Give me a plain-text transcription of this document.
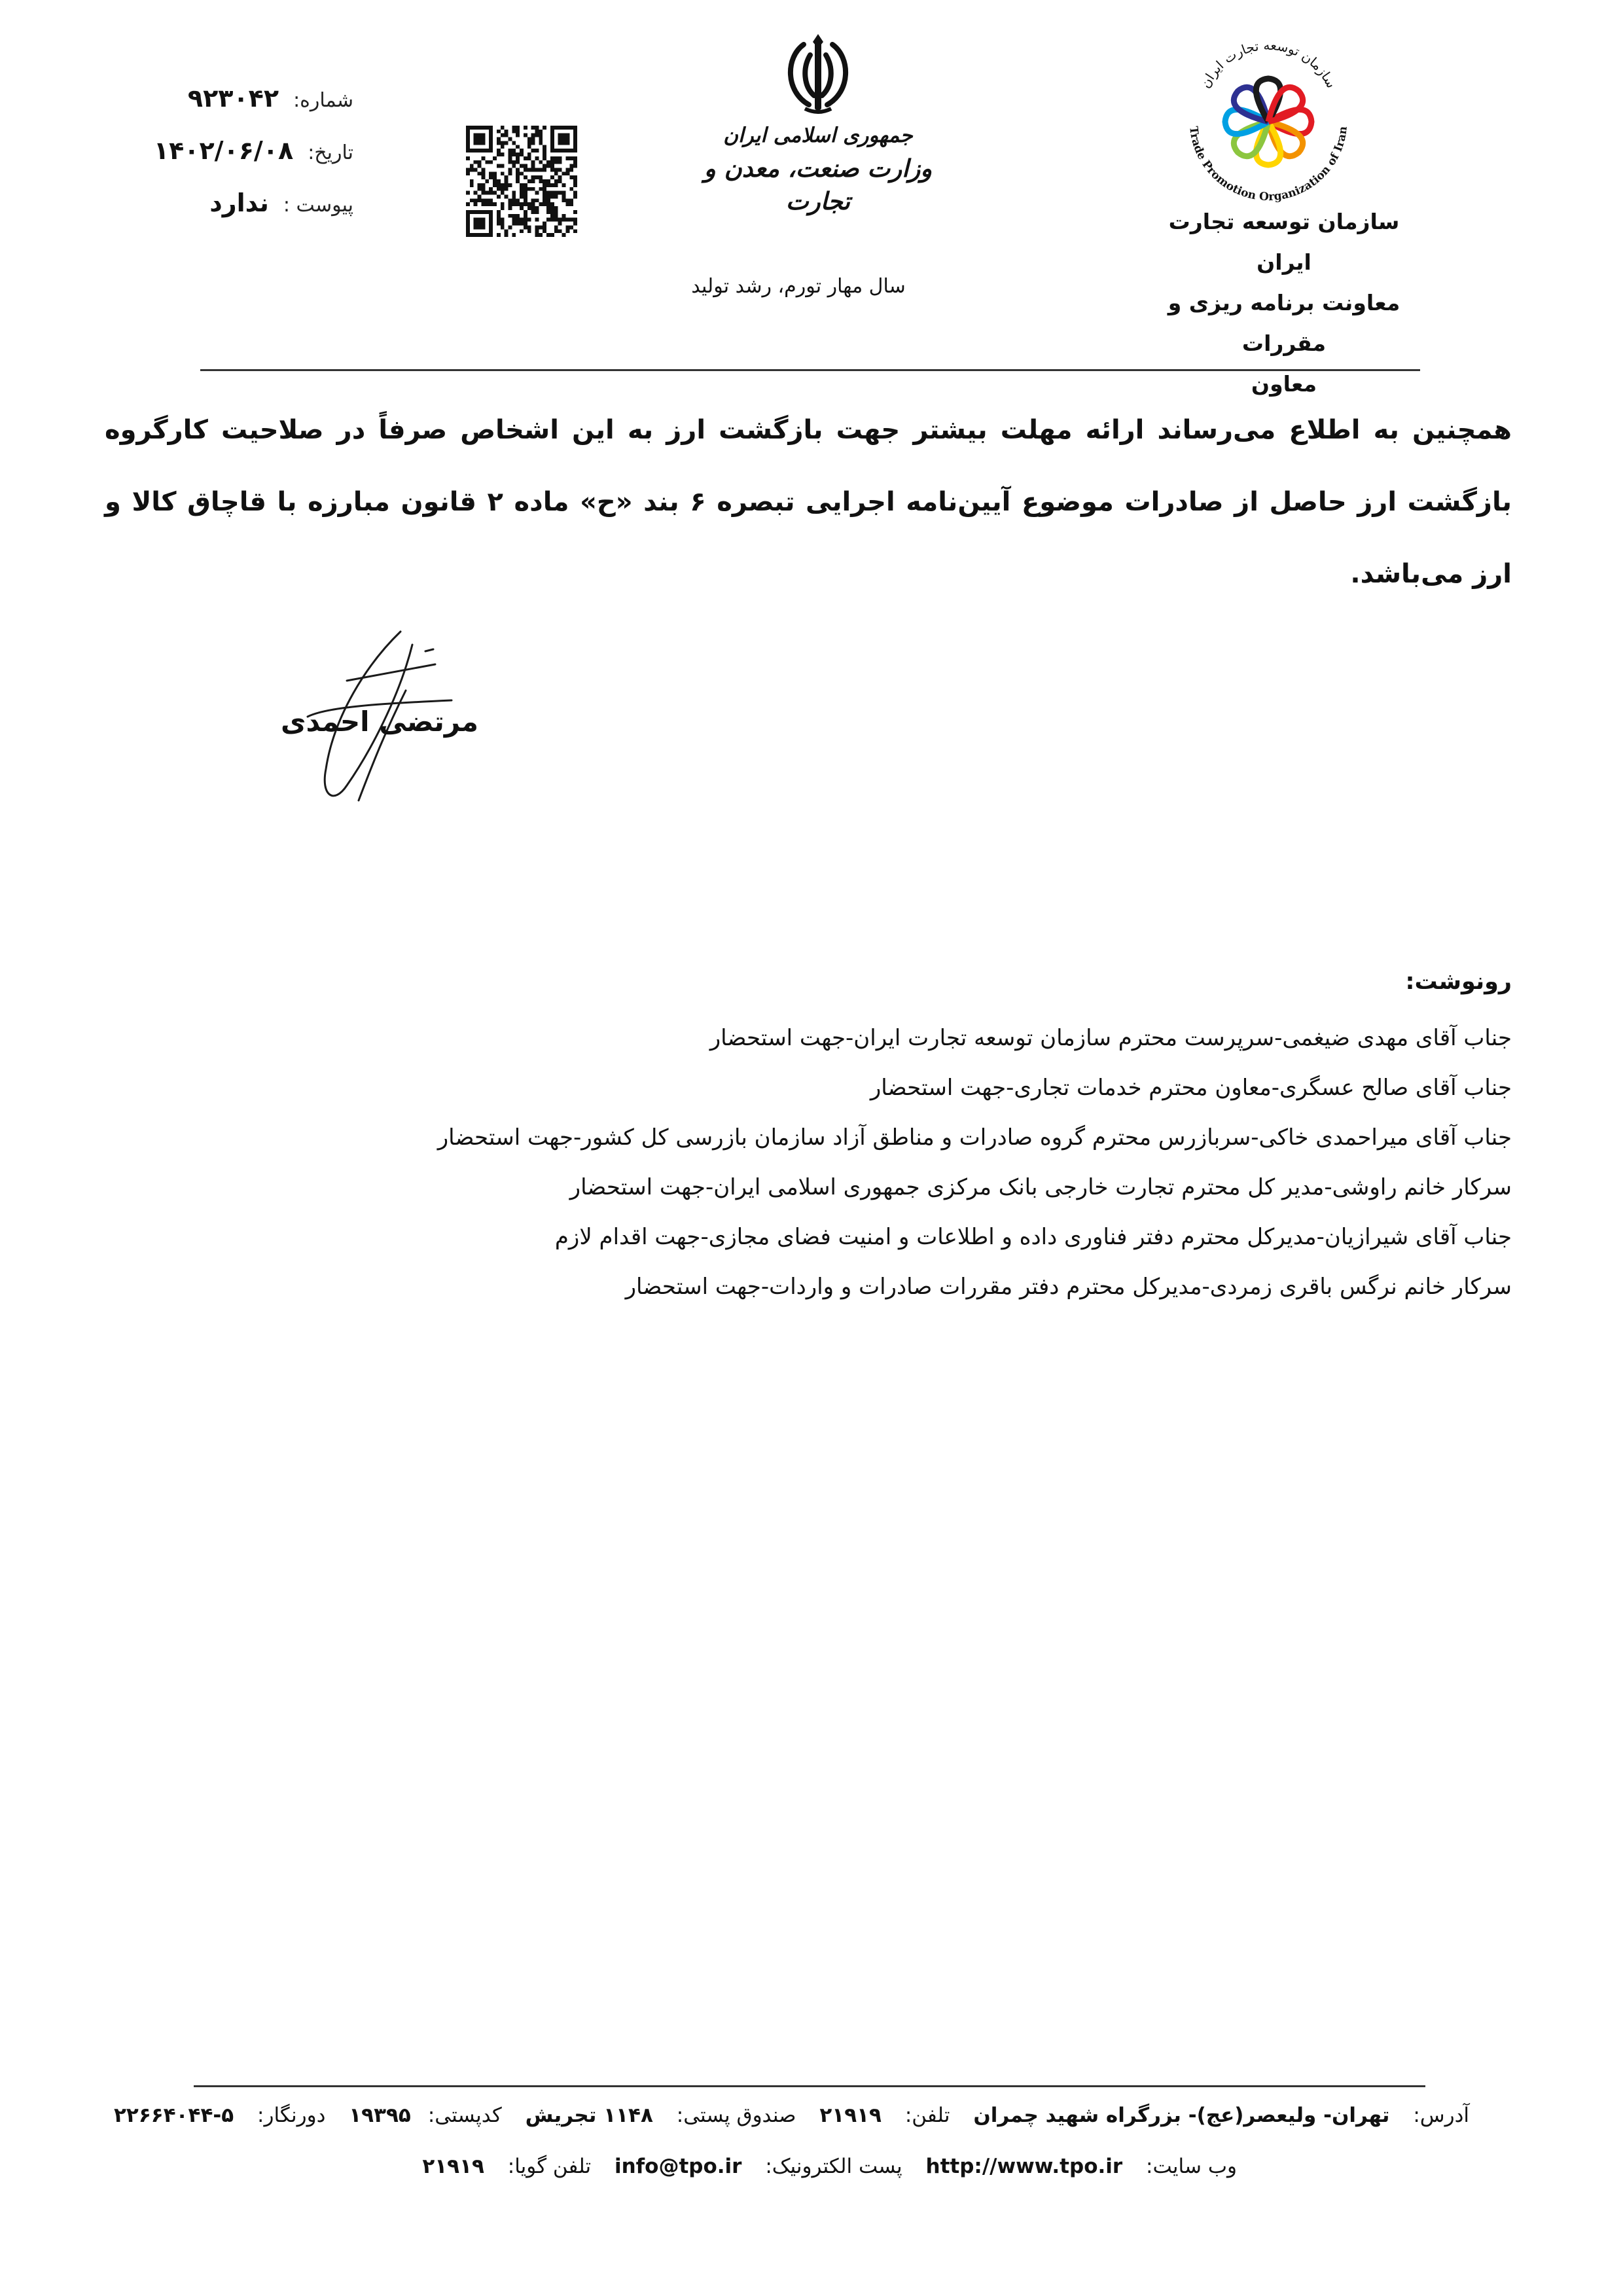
سازمان توسعه تجارت ایران
Trade Promotion Organization of Iran
سازمان توسعه تجارت ایران
معاونت برنامه ریزی و مقررات
معاون
جمهوری اسلامی ایران
وزارت صنعت، معدن و تجارت
سال مهار تورم، رشد تولید
شماره:
۹۲۳۰۴۲
تاریخ:
۱۴۰۲/۰۶/۰۸
پیوست :
ندارد
همچنین به اطلاع می‌رساند ارائه مهلت بیشتر جهت بازگشت ارز به این اشخاص صرفاً در صلاحیت کارگروه بازگشت ارز حاصل از صادرات موضوع آیین‌نامه اجرایی تبصره ۶ بند «ح» ماده ۲ قانون مبارزه با قاچاق کالا و ارز می‌باشد.
مرتضی احمدی
رونوشت:
جناب آقای مهدی ضیغمی-سرپرست محترم سازمان توسعه تجارت ایران-جهت استحضار
جناب آقای صالح عسگری-معاون محترم خدمات تجاری-جهت استحضار
جناب آقای میراحمدی خاکی-سربازرس محترم گروه صادرات و مناطق آزاد سازمان بازرسی کل کشور-جهت استحضار
سرکار خانم راوشی-مدیر کل محترم تجارت خارجی بانک مرکزی جمهوری اسلامی ایران-جهت استحضار
جناب آقای شیرازیان-مدیرکل محترم دفتر فناوری داده و اطلاعات و امنیت فضای مجازی-جهت اقدام لازم
سرکار خانم نرگس باقری زمردی-مدیرکل محترم دفتر مقررات صادرات و واردات-جهت استحضار
آدرس: تهران- ولیعصر(عج)- بزرگراه شهید چمران تلفن: ۲۱۹۱۹ صندوق پستی: ۱۱۴۸ تجریش کدپستی:۱۹۳۹۵ دورنگار: ۵-۲۲۶۶۴۰۴۴
وب سایت: http://www.tpo.ir پست الکترونیک: info@tpo.ir تلفن گویا: ۲۱۹۱۹
